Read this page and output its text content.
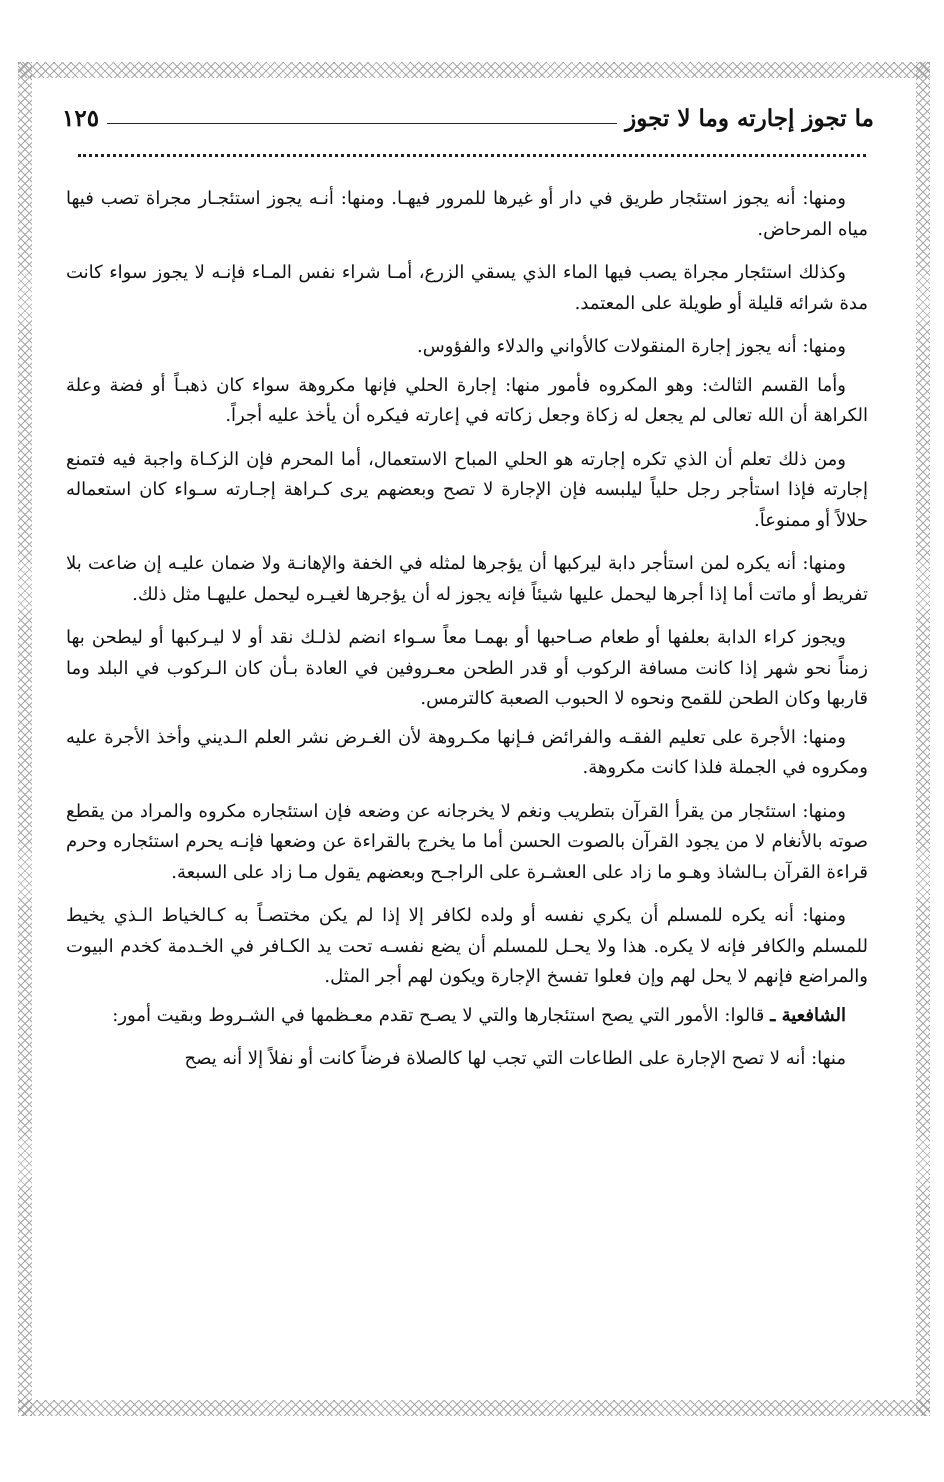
ما تجوز إجارته وما لا تجوز
١٢٥

ومنها: أنه يجوز استئجار طريق في دار أو غيرها للمرور فيهـا. ومنها: أنـه يجوز استئجـار مجراة تصب فيها مياه المرحاض.

وكذلك استئجار مجراة يصب فيها الماء الذي يسقي الزرع، أمـا شراء نفس المـاء فإنـه لا يجوز سواء كانت مدة شرائه قليلة أو طويلة على المعتمد.

ومنها: أنه يجوز إجارة المنقولات كالأواني والدلاء والفؤوس.

وأما القسم الثالث: وهو المكروه فأمور منها: إجارة الحلي فإنها مكروهة سواء كان ذهبـاً أو فضة وعلة الكراهة أن الله تعالى لم يجعل له زكاة وجعل زكاته في إعارته فيكره أن يأخذ عليه أجراً.

ومن ذلك تعلم أن الذي تكره إجارته هو الحلي المباح الاستعمال، أما المحرم فإن الزكـاة واجبة فيه فتمنع إجارته فإذا استأجر رجل حلياً ليلبسه فإن الإجارة لا تصح وبعضهم يرى كـراهة إجـارته سـواء كان استعماله حلالاً أو ممنوعاً.

ومنها: أنه يكره لمن استأجر دابة ليركبها أن يؤجرها لمثله في الخفة والإهانـة ولا ضمان عليـه إن ضاعت بلا تفريط أو ماتت أما إذا أجرها ليحمل عليها شيئاً فإنه يجوز له أن يؤجرها لغيـره ليحمل عليهـا مثل ذلك.

ويجوز كراء الدابة بعلفها أو طعام صـاحبها أو بهمـا معاً سـواء انضم لذلـك نقد أو لا ليـركبها أو ليطحن بها زمناً نحو شهر إذا كانت مسافة الركوب أو قدر الطحن معـروفين في العادة بـأن كان الـركوب في البلد وما قاربها وكان الطحن للقمح ونحوه لا الحبوب الصعبة كالترمس.

ومنها: الأجرة على تعليم الفقـه والفرائض فـإنها مكـروهة لأن الغـرض نشر العلم الـديني وأخذ الأجرة عليه ومكروه في الجملة فلذا كانت مكروهة.

ومنها: استئجار من يقرأ القرآن بتطريب ونغم لا يخرجانه عن وضعه فإن استئجاره مكروه والمراد من يقطع صوته بالأنغام لا من يجود القرآن بالصوت الحسن أما ما يخرج بالقراءة عن وضعها فإنـه يحرم استئجاره وحرم قراءة القرآن بـالشاذ وهـو ما زاد على العشـرة على الراجـح وبعضهم يقول مـا زاد على السبعة.

ومنها: أنه يكره للمسلم أن يكري نفسه أو ولده لكافر إلا إذا لم يكن مختصـاً به كـالخياط الـذي يخيط للمسلم والكافر فإنه لا يكره. هذا ولا يحـل للمسلم أن يضع نفسـه تحت يد الكـافر في الخـدمة كخدم البيوت والمراضع فإنهم لا يحل لهم وإن فعلوا تفسخ الإجارة ويكون لهم أجر المثل.

الشافعية ـ قالوا: الأمور التي يصح استئجارها والتي لا يصـح تقدم معـظمها في الشـروط وبقيت أمور:

منها: أنه لا تصح الإجارة على الطاعات التي تجب لها كالصلاة فرضاً كانت أو نفلاً إلا أنه يصح
